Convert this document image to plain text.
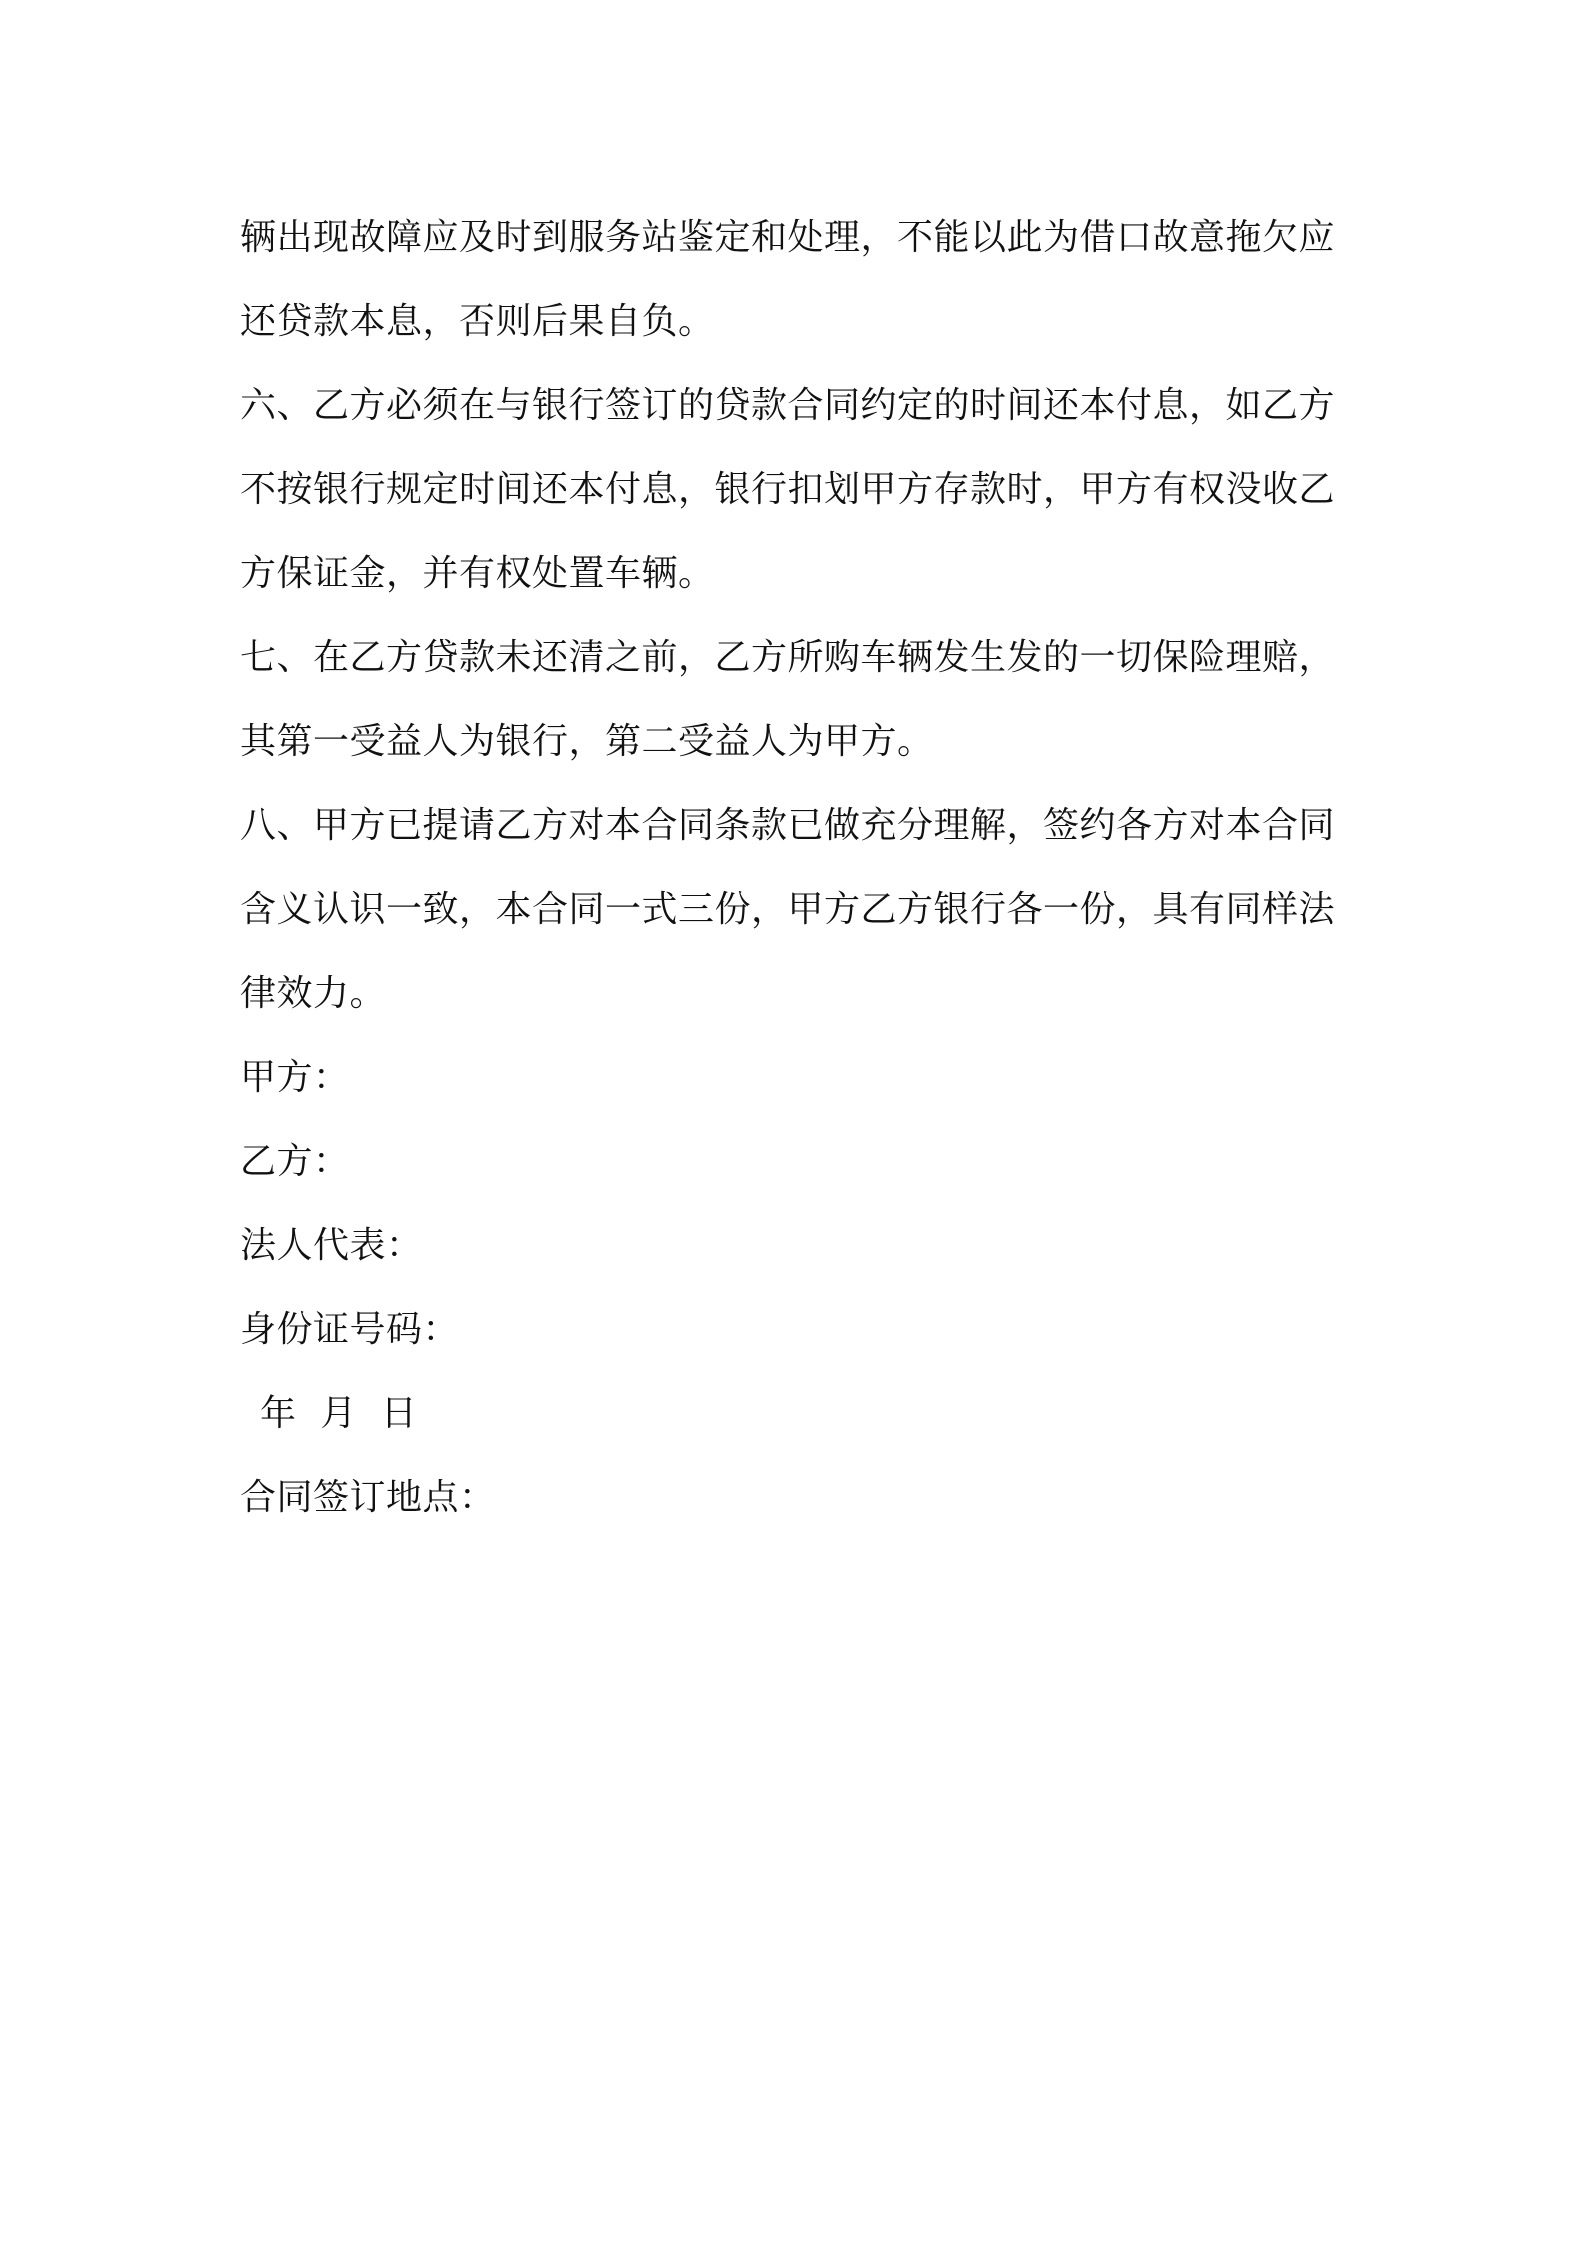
辆出现故障应及时到服务站鉴定和处理，不能以此为借口故意拖欠应
还贷款本息，否则后果自负。
六、乙方必须在与银行签订的贷款合同约定的时间还本付息，如乙方
不按银行规定时间还本付息，银行扣划甲方存款时，甲方有权没收乙
方保证金，并有权处置车辆。
七、在乙方贷款未还清之前，乙方所购车辆发生发的一切保险理赔，
其第一受益人为银行，第二受益人为甲方。
八、甲方已提请乙方对本合同条款已做充分理解，签约各方对本合同
含义认识一致，本合同一式三份，甲方乙方银行各一份，具有同样法
律效力。
甲方：
乙方：
法人代表：
身份证号码：
年  月  日
合同签订地点：
